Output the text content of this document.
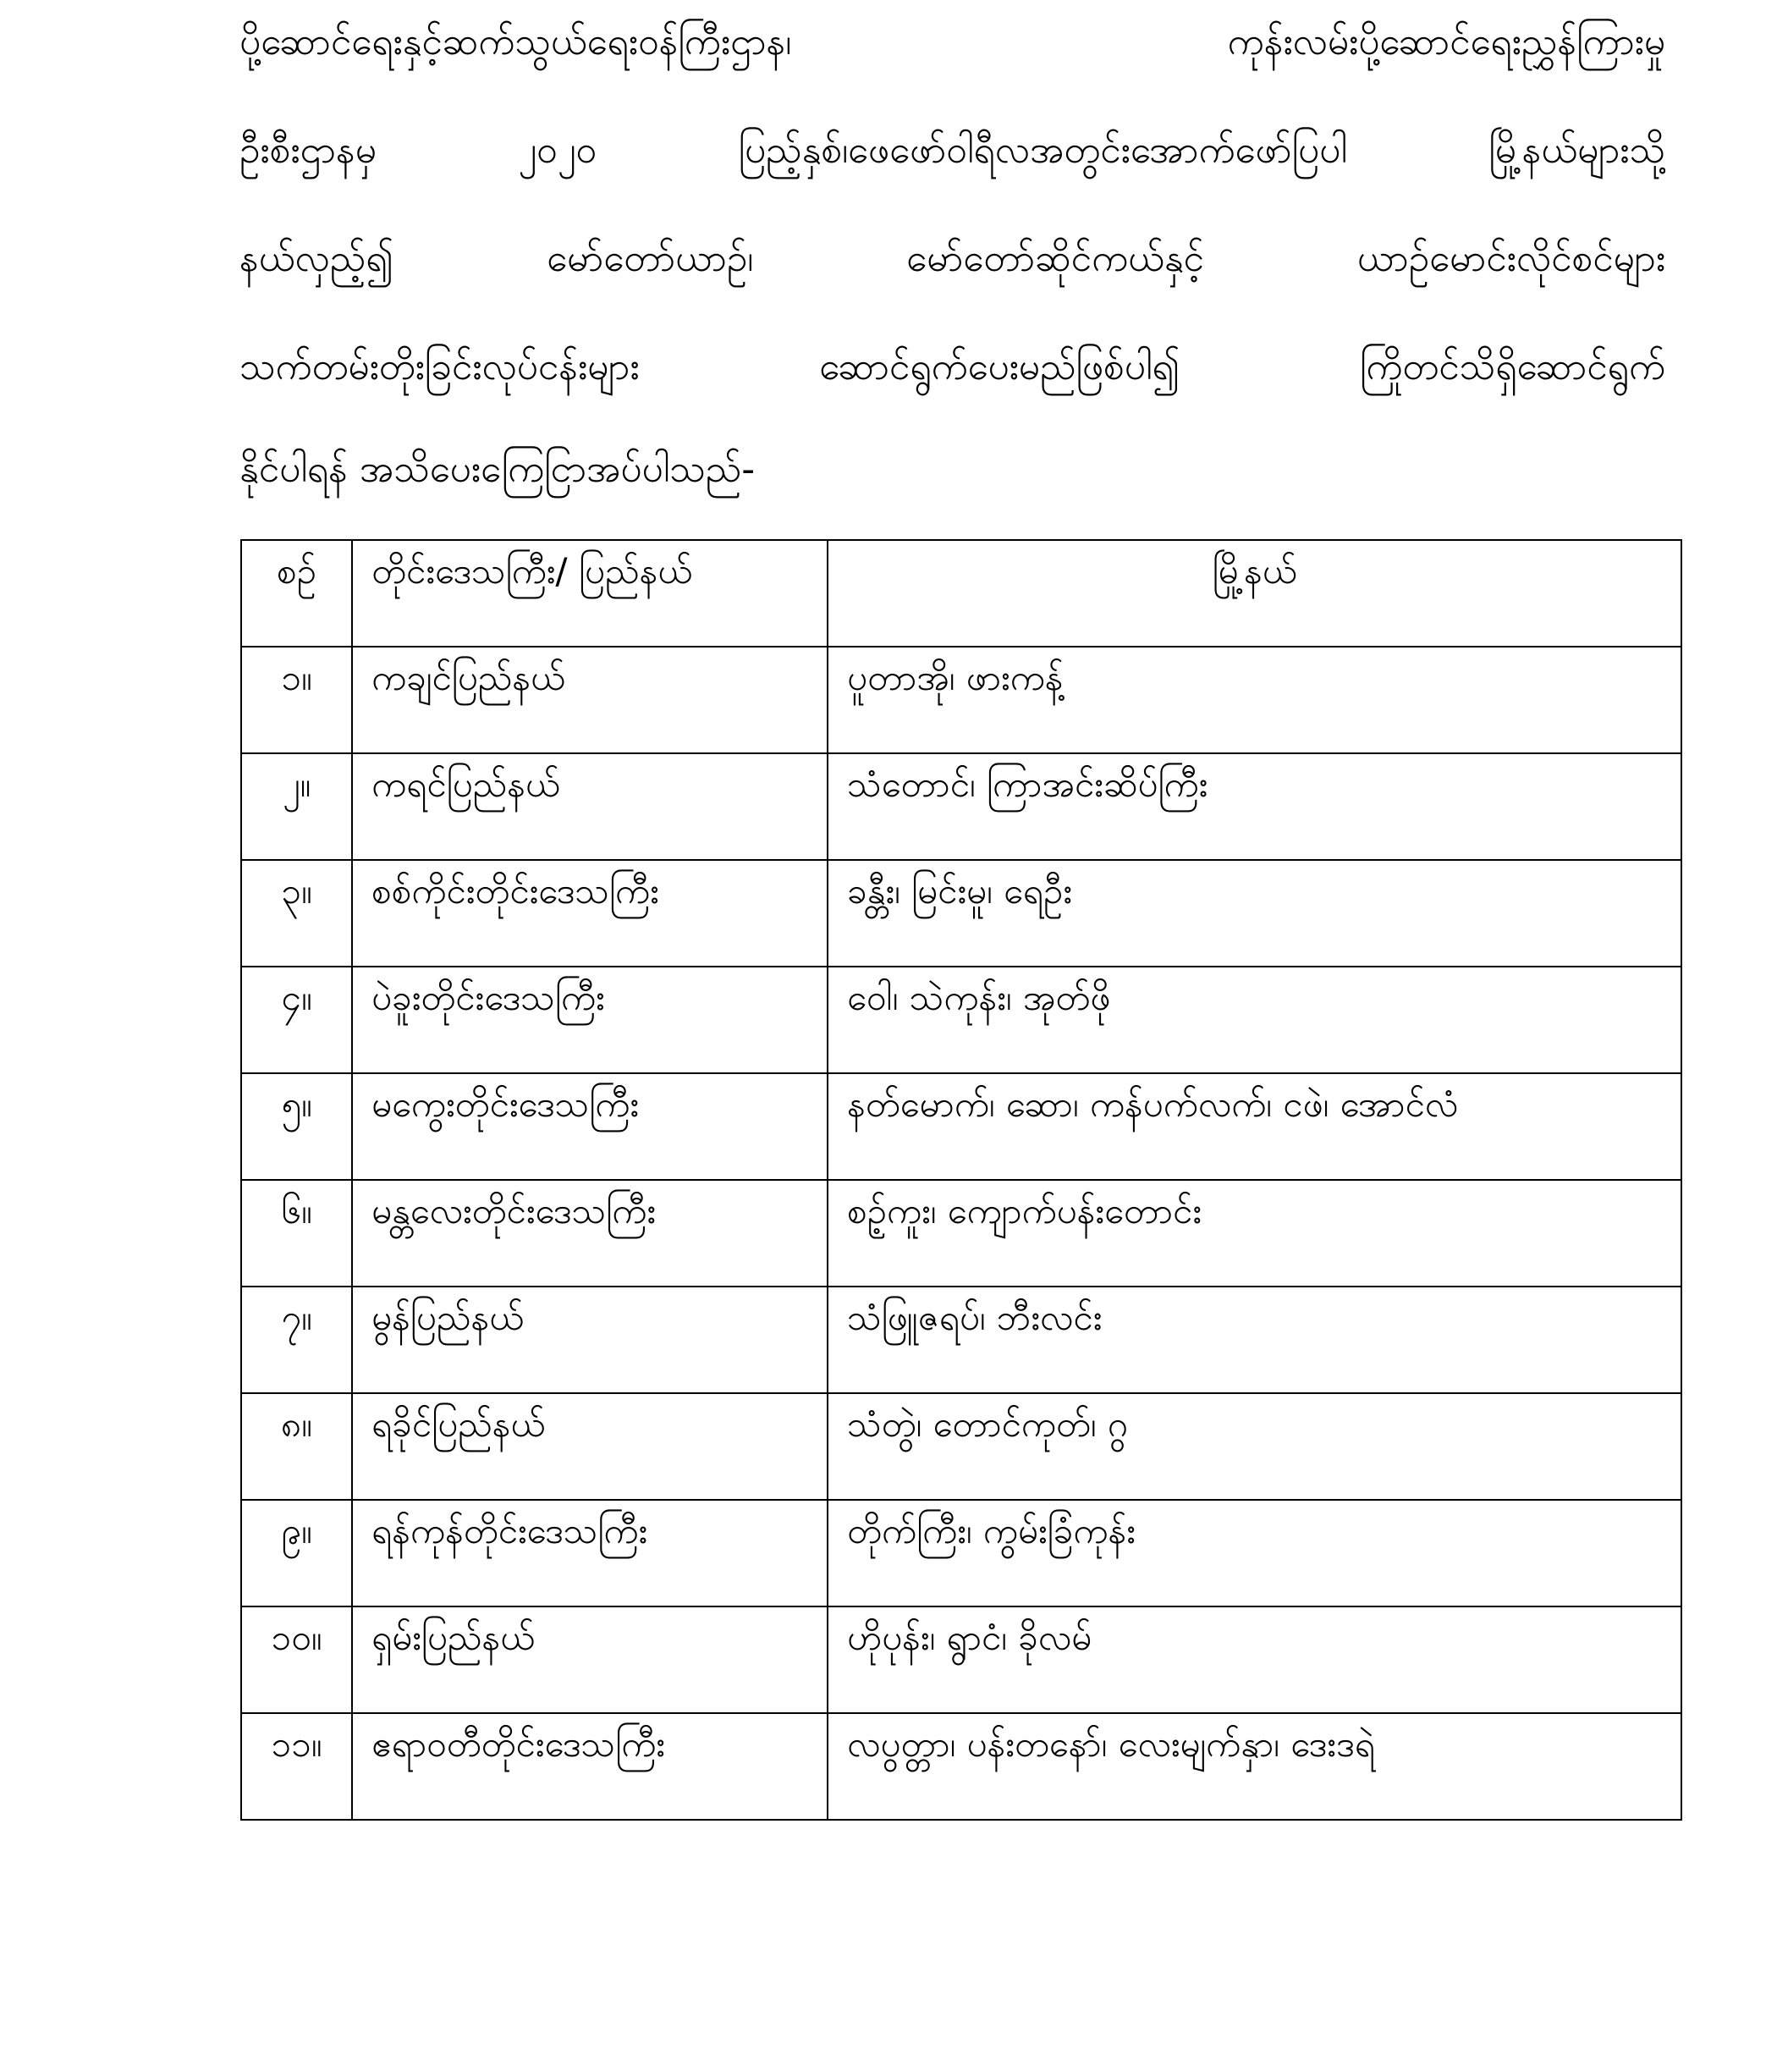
ပို့ဆောင်ရေးနှင့်ဆက်သွယ်ရေးဝန်ကြီးဌာန၊ ကုန်းလမ်းပို့ဆောင်ရေးညွှန်ကြားမှု
ဦးစီးဌာနမှ ၂၀၂၀ ပြည့်နှစ်၊ဖေဖော်ဝါရီလအတွင်းအောက်ဖော်ပြပါ မြို့နယ်များသို့
နယ်လှည့်၍ မော်တော်ယာဉ်၊ မော်တော်ဆိုင်ကယ်နှင့် ယာဉ်မောင်းလိုင်စင်များ
သက်တမ်းတိုးခြင်းလုပ်ငန်းများ ဆောင်ရွက်ပေးမည်ဖြစ်ပါ၍ ကြိုတင်သိရှိဆောင်ရွက်
နိုင်ပါရန် အသိပေးကြေငြာအပ်ပါသည်-
စဉ်	တိုင်းဒေသကြီး/ ပြည်နယ်	မြို့နယ်

၁။	ကချင်ပြည်နယ်	ပူတာအို၊ ဖားကန့်

၂။	ကရင်ပြည်နယ်	သံတောင်၊ ကြာအင်းဆိပ်ကြီး

၃။	စစ်ကိုင်းတိုင်းဒေသကြီး	ခန္တီး၊ မြင်းမူ၊ ရေဦး

၄။	ပဲခူးတိုင်းဒေသကြီး	ဝေါ၊ သဲကုန်း၊ အုတ်ဖို

၅။	မကွေးတိုင်းဒေသကြီး	နတ်မောက်၊ ဆော၊ ကန်ပက်လက်၊ ငဖဲ၊ အောင်လံ

၆။	မန္တလေးတိုင်းဒေသကြီး	စဉ့်ကူး၊ ကျောက်ပန်းတောင်း

၇။	မွန်ပြည်နယ်	သံဖြူဇရပ်၊ ဘီးလင်း

၈။	ရခိုင်ပြည်နယ်	သံတွဲ၊ တောင်ကုတ်၊ ဂွ

၉။	ရန်ကုန်တိုင်းဒေသကြီး	တိုက်ကြီး၊ ကွမ်းခြံကုန်း

၁၀။	ရှမ်းပြည်နယ်	ဟိုပုန်း၊ ရွာငံ၊ ခိုလမ်

၁၁။	ဧရာဝတီတိုင်းဒေသကြီး	လပွတ္တာ၊ ပန်းတနော်၊ လေးမျက်နှာ၊ ဒေးဒရဲ
